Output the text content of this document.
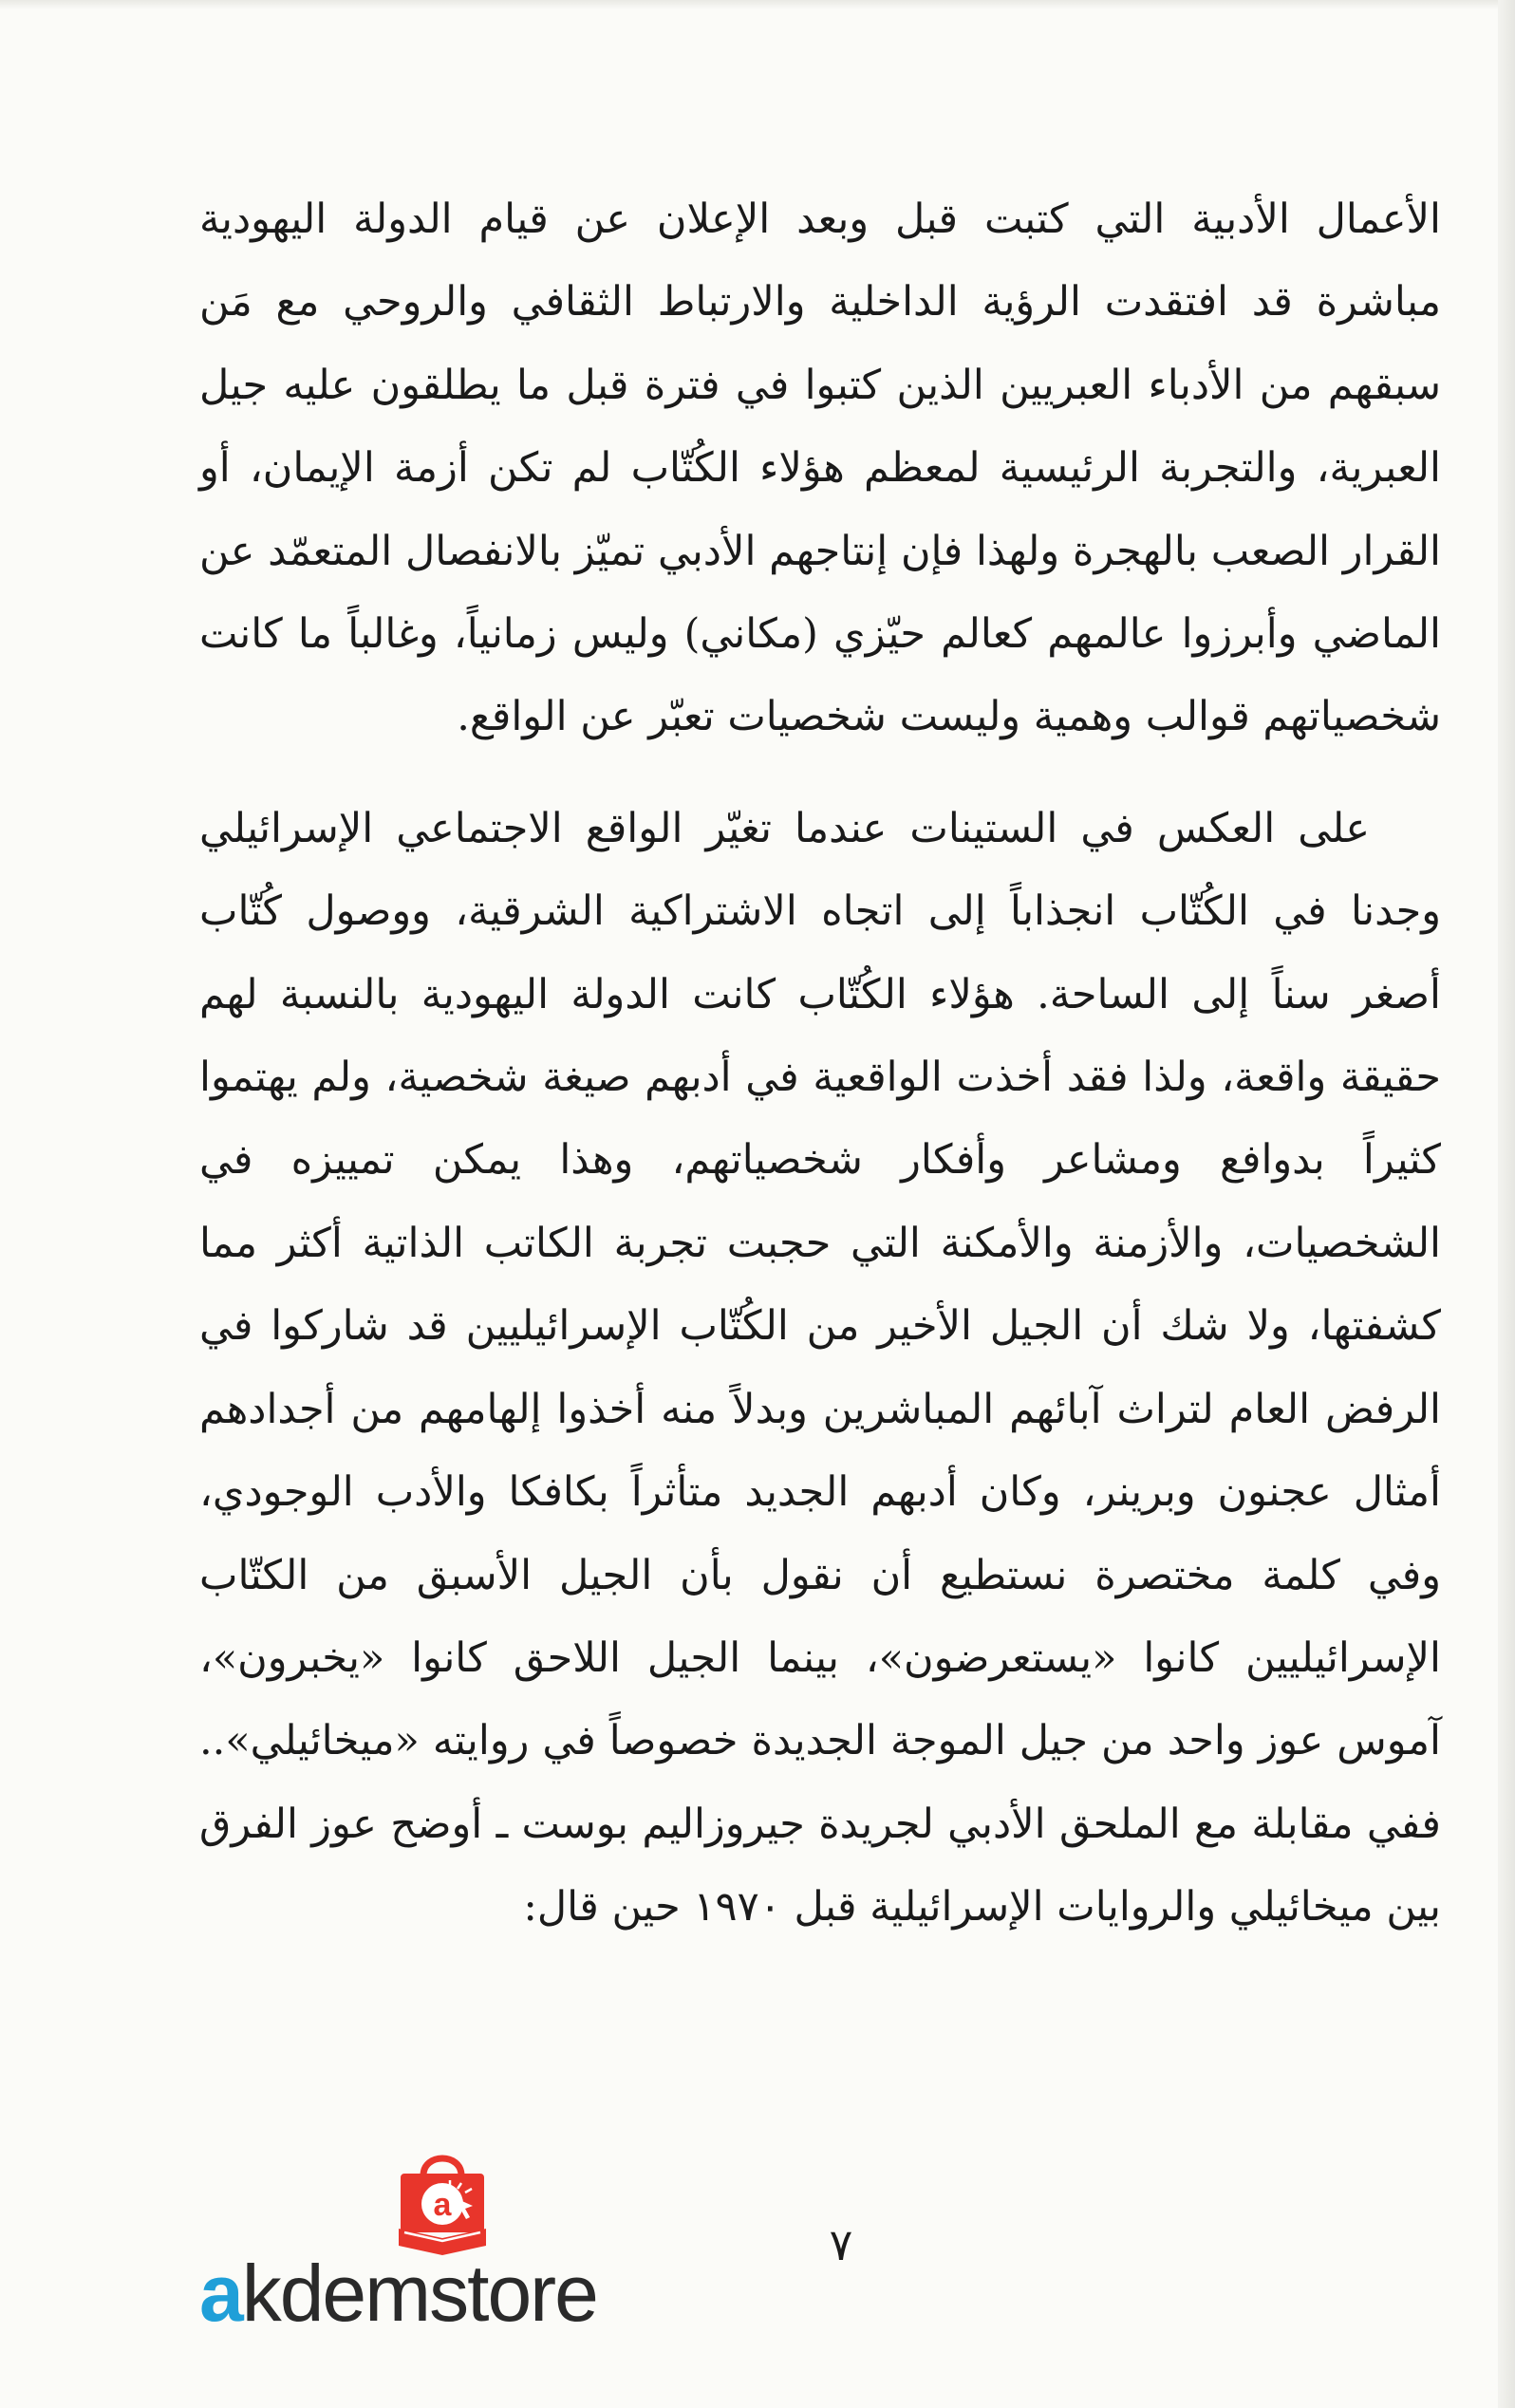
الأعمال الأدبية التي كتبت قبل وبعد الإعلان عن قيام الدولة اليهودية مباشرة قد افتقدت الرؤية الداخلية والارتباط الثقافي والروحي مع مَن سبقهم من الأدباء العبريين الذين كتبوا في فترة قبل ما يطلقون عليه جيل العبرية، والتجربة الرئيسية لمعظم هؤلاء الكُتّاب لم تكن أزمة الإيمان، أو القرار الصعب بالهجرة ولهذا فإن إنتاجهم الأدبي تميّز بالانفصال المتعمّد عن الماضي وأبرزوا عالمهم كعالم حيّزي (مكاني) وليس زمانياً، وغالباً ما كانت شخصياتهم قوالب وهمية وليست شخصيات تعبّر عن الواقع.

على العكس في الستينات عندما تغيّر الواقع الاجتماعي الإسرائيلي وجدنا في الكُتّاب انجذاباً إلى اتجاه الاشتراكية الشرقية، ووصول كُتّاب أصغر سناً إلى الساحة. هؤلاء الكُتّاب كانت الدولة اليهودية بالنسبة لهم حقيقة واقعة، ولذا فقد أخذت الواقعية في أدبهم صيغة شخصية، ولم يهتموا كثيراً بدوافع ومشاعر وأفكار شخصياتهم، وهذا يمكن تمييزه في الشخصيات، والأزمنة والأمكنة التي حجبت تجربة الكاتب الذاتية أكثر مما كشفتها، ولا شك أن الجيل الأخير من الكُتّاب الإسرائيليين قد شاركوا في الرفض العام لتراث آبائهم المباشرين وبدلاً منه أخذوا إلهامهم من أجدادهم أمثال عجنون وبرينر، وكان أدبهم الجديد متأثراً بكافكا والأدب الوجودي، وفي كلمة مختصرة نستطيع أن نقول بأن الجيل الأسبق من الكتّاب الإسرائيليين كانوا «يستعرضون»، بينما الجيل اللاحق كانوا «يخبرون»، آموس عوز واحد من جيل الموجة الجديدة خصوصاً في روايته «ميخائيلي».. ففي مقابلة مع الملحق الأدبي لجريدة جيروزاليم بوست ـ أوضح عوز الفرق بين ميخائيلي والروايات الإسرائيلية قبل ١٩٧٠ حين قال:

٧
a
akdemstore
